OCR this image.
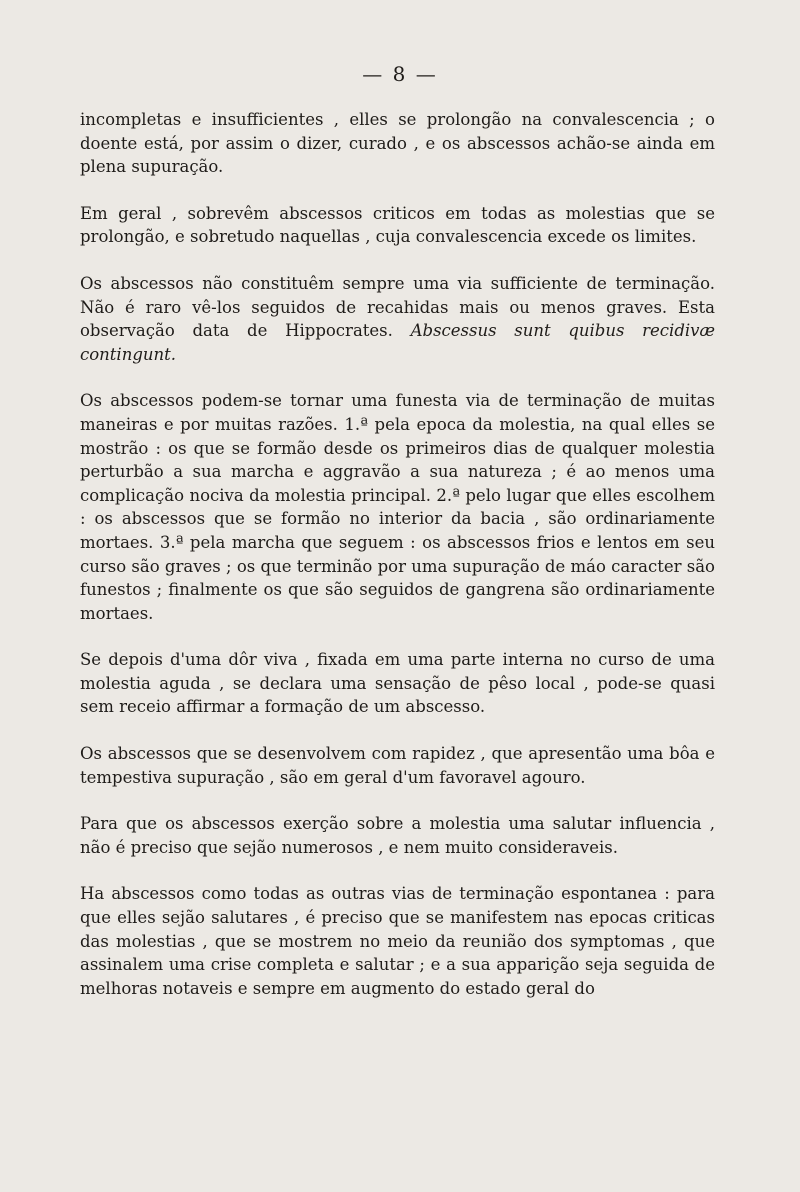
— 8 —

incompletas e insufficientes , elles se prolongão na convalescencia ; o doente está, por assim o dizer, curado , e os abscessos achão-se ainda em plena supuração.

Em geral , sobrevêm abscessos criticos em todas as molestias que se prolongão, e sobretudo naquellas , cuja convalescencia excede os limites.

Os abscessos não constituêm sempre uma via sufficiente de terminação. Não é raro vê-los seguidos de recahidas mais ou menos graves. Esta observação data de Hippocrates. Abscessus sunt quibus recidivæ contingunt.

Os abscessos podem-se tornar uma funesta via de terminação de muitas maneiras e por muitas razões. 1.ª pela epoca da molestia, na qual elles se mostrão : os que se formão desde os primeiros dias de qualquer molestia perturbão a sua marcha e aggravão a sua natureza ; é ao menos uma complicação nociva da molestia principal. 2.ª pelo lugar que elles escolhem : os abscessos que se formão no interior da bacia , são ordinariamente mortaes. 3.ª pela marcha que seguem : os abscessos frios e lentos em seu curso são graves ; os que terminão por uma supuração de máo caracter são funestos ; finalmente os que são seguidos de gangrena são ordinariamente mortaes.

Se depois d'uma dôr viva , fixada em uma parte interna no curso de uma molestia aguda , se declara uma sensação de pêso local , pode-se quasi sem receio affirmar a formação de um abscesso.

Os abscessos que se desenvolvem com rapidez , que apresentão uma bôa e tempestiva supuração , são em geral d'um favoravel agouro.

Para que os abscessos exerção sobre a molestia uma salutar influencia , não é preciso que sejão numerosos , e nem muito consideraveis.

Ha abscessos como todas as outras vias de terminação espontanea : para que elles sejão salutares , é preciso que se manifestem nas epocas criticas das molestias , que se mostrem no meio da reunião dos symptomas , que assinalem uma crise completa e salutar ; e a sua apparição seja seguida de melhoras notaveis e sempre em augmento do estado geral do
